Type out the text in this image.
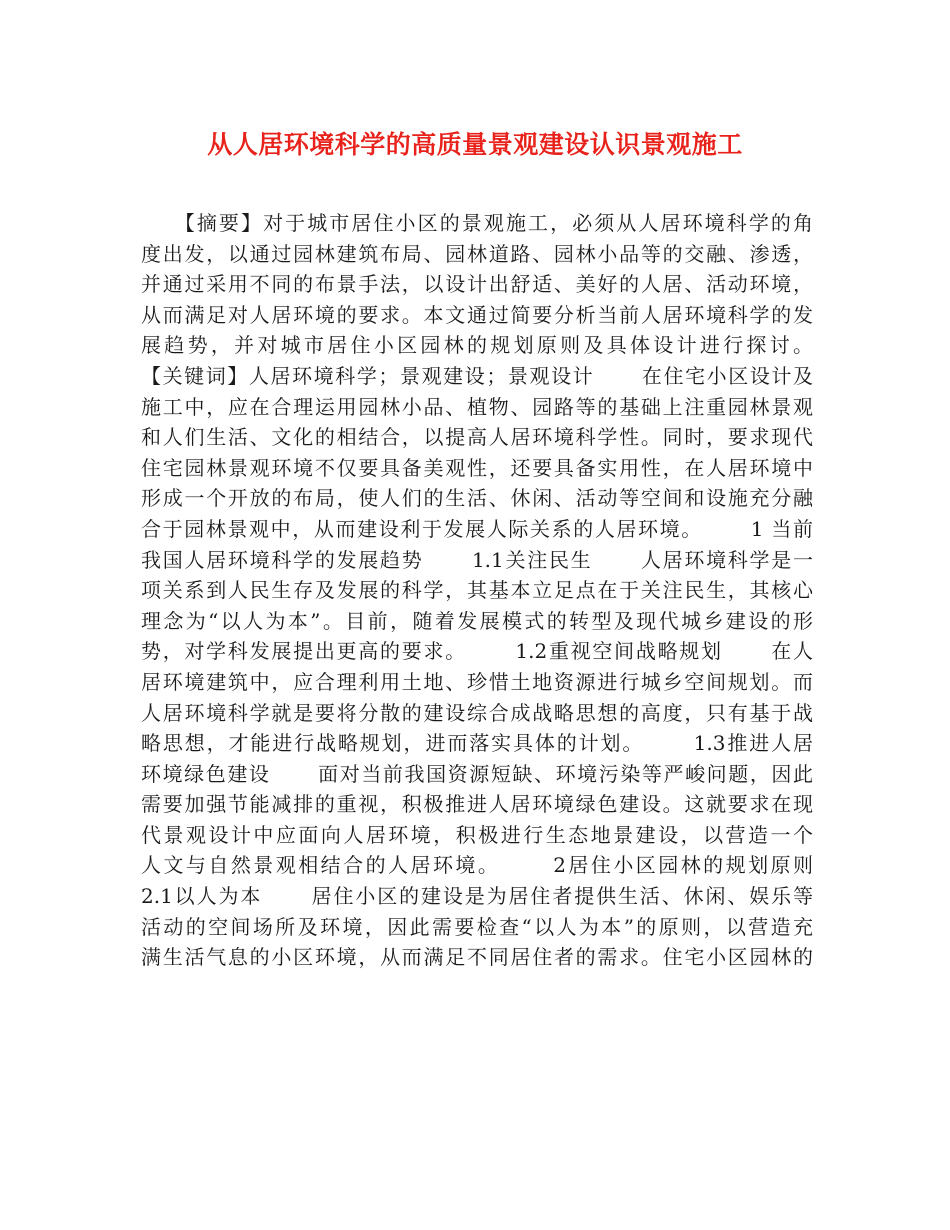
从人居环境科学的高质量景观建设认识景观施工
【摘要】对于城市居住小区的景观施工，必须从人居环境科学的角
度出发，以通过园林建筑布局、园林道路、园林小品等的交融、渗透，
并通过采用不同的布景手法，以设计出舒适、美好的人居、活动环境，
从而满足对人居环境的要求。本文通过简要分析当前人居环境科学的发
展趋势，并对城市居住小区园林的规划原则及具体设计进行探讨。
【关键词】人居环境科学；景观建设；景观设计      在住宅小区设计及
施工中，应在合理运用园林小品、植物、园路等的基础上注重园林景观
和人们生活、文化的相结合，以提高人居环境科学性。同时，要求现代
住宅园林景观环境不仅要具备美观性，还要具备实用性，在人居环境中
形成一个开放的布局，使人们的生活、休闲、活动等空间和设施充分融
合于园林景观中，从而建设利于发展人际关系的人居环境。      1 当前
我国人居环境科学的发展趋势      1.1关注民生      人居环境科学是一
项关系到人民生存及发展的科学，其基本立足点在于关注民生，其核心
理念为“以人为本”。目前，随着发展模式的转型及现代城乡建设的形
势，对学科发展提出更高的要求。      1.2重视空间战略规划      在人
居环境建筑中，应合理利用土地、珍惜土地资源进行城乡空间规划。而
人居环境科学就是要将分散的建设综合成战略思想的高度，只有基于战
略思想，才能进行战略规划，进而落实具体的计划。      1.3推进人居
环境绿色建设      面对当前我国资源短缺、环境污染等严峻问题，因此
需要加强节能减排的重视，积极推进人居环境绿色建设。这就要求在现
代景观设计中应面向人居环境，积极进行生态地景建设，以营造一个
人文与自然景观相结合的人居环境。      2居住小区园林的规划原则
2.1以人为本      居住小区的建设是为居住者提供生活、休闲、娱乐等
活动的空间场所及环境，因此需要检查“以人为本”的原则，以营造充
满生活气息的小区环境，从而满足不同居住者的需求。住宅小区园林的
